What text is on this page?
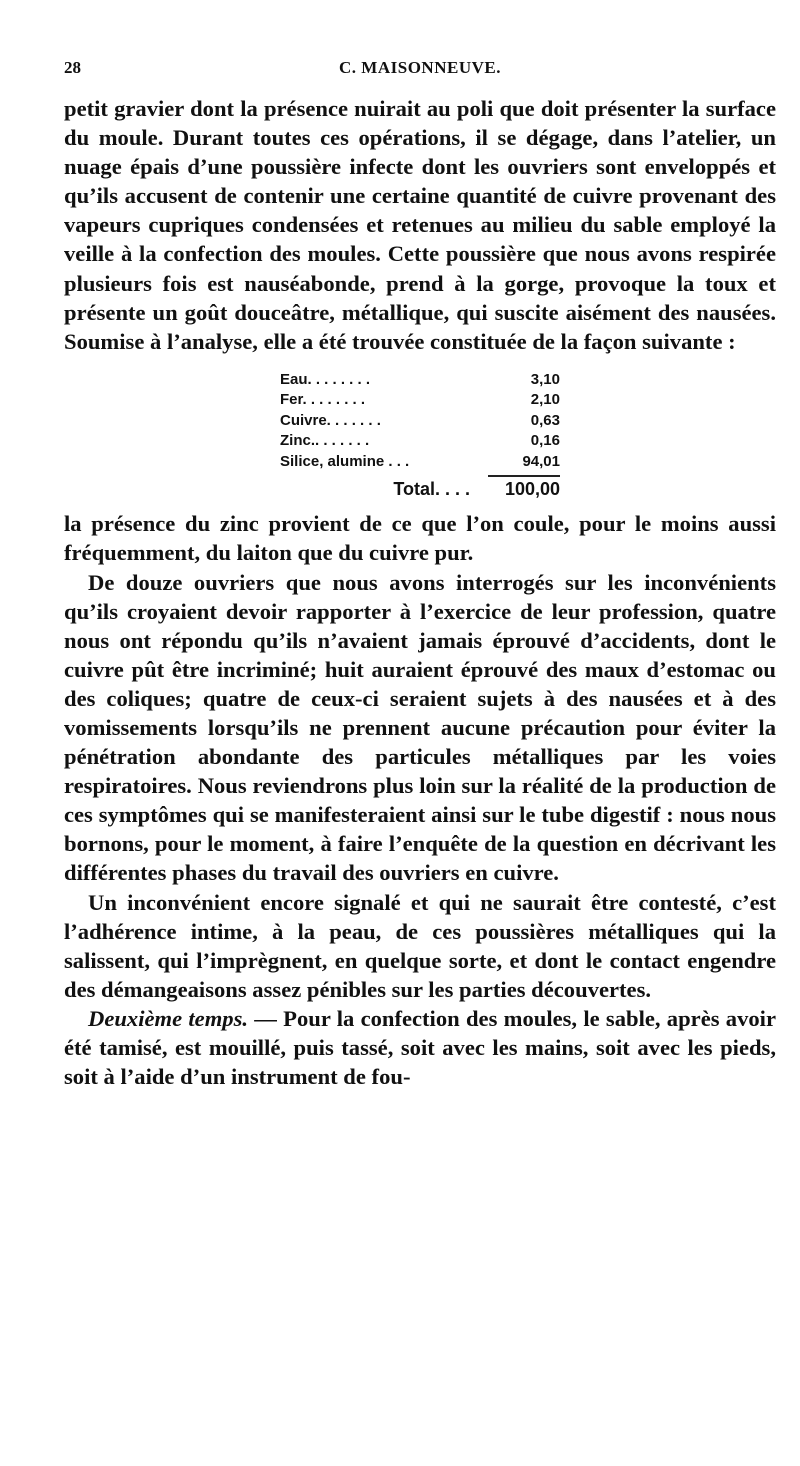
28	C. MAISONNEUVE.

petit gravier dont la présence nuirait au poli que doit présenter la surface du moule. Durant toutes ces opérations, il se dégage, dans l’atelier, un nuage épais d’une poussière infecte dont les ouvriers sont enveloppés et qu’ils accusent de contenir une certaine quantité de cuivre provenant des vapeurs cupriques condensées et retenues au milieu du sable employé la veille à la confection des moules. Cette poussière que nous avons respirée plusieurs fois est nauséabonde, prend à la gorge, provoque la toux et présente un goût douceâtre, métallique, qui suscite aisément des nausées. Soumise à l’analyse, elle a été trouvée constituée de la façon suivante :

Eau. . . . . . . .	3,10
Fer. . . . . . . .	2,10
Cuivre. . . . . . .	0,63
Zinc.. . . . . . .	0,16
Silice, alumine . . .	94,01
Total. . . .	100,00

la présence du zinc provient de ce que l’on coule, pour le moins aussi fréquemment, du laiton que du cuivre pur.

De douze ouvriers que nous avons interrogés sur les inconvénients qu’ils croyaient devoir rapporter à l’exercice de leur profession, quatre nous ont répondu qu’ils n’avaient jamais éprouvé d’accidents, dont le cuivre pût être incriminé; huit auraient éprouvé des maux d’estomac ou des coliques; quatre de ceux-ci seraient sujets à des nausées et à des vomissements lorsqu’ils ne prennent aucune précaution pour éviter la pénétration abondante des particules métalliques par les voies respiratoires. Nous reviendrons plus loin sur la réalité de la production de ces symptômes qui se manifesteraient ainsi sur le tube digestif : nous nous bornons, pour le moment, à faire l’enquête de la question en décrivant les différentes phases du travail des ouvriers en cuivre.

Un inconvénient encore signalé et qui ne saurait être contesté, c’est l’adhérence intime, à la peau, de ces poussières métalliques qui la salissent, qui l’imprègnent, en quelque sorte, et dont le contact engendre des démangeaisons assez pénibles sur les parties découvertes.

Deuxième temps. — Pour la confection des moules, le sable, après avoir été tamisé, est mouillé, puis tassé, soit avec les mains, soit avec les pieds, soit à l’aide d’un instrument de fou-
